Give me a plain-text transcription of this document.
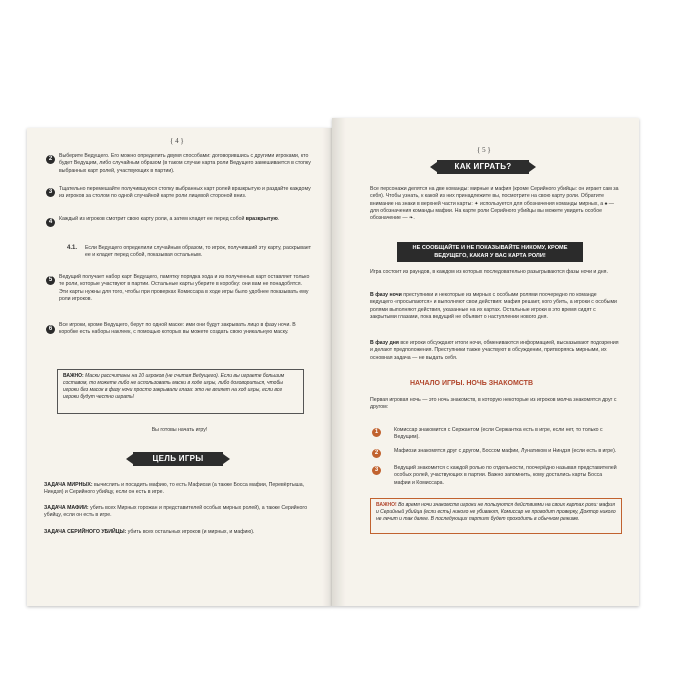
{ 4 }
2	Выберите Ведущего. Его можно определить двумя способами: договорившись с другими игроками, кто будет Ведущим, либо случайным образом (в таком случае карта роли Ведущего замешивается в стопку выбранных карт ролей, участвующих в партии).
3	Тщательно перемешайте получившуюся стопку выбранных карт ролей вразкрытую и раздайте каждому из игроков за столом по одной случайной карте роли лицевой стороной вниз.
4	Каждый из игроков смотрит свою карту роли, а затем кладет ее перед собой вразкрытую.
4.1. Если Ведущего определили случайным образом, то игрок, получивший эту карту, раскрывает ее и кладет перед собой, показывая остальным.
5	Ведущий получает набор карт Ведущего, памятку порядка хода и из полученных карт оставляет только те роли, которые участвуют в партии. Остальные карты уберите в коробку: они вам не понадобятся. Эти карты нужны для того, чтобы при проверках Комиссара в ходе игры было удобнее показывать ему роли игроков.
6
Все игроки, кроме Ведущего, берут по одной маске: ими они будут закрывать лицо в фазу ночи. В коробке есть наборы наклеек, с помощью которых вы можете создать свою уникальную маску.
ВАЖНО: Маски рассчитаны на 10 игроков (не считая Ведущего). Если вы играете большим составом, то можете либо не использовать маски в ходе игры, либо договориться, чтобы игроки без масок в фазу ночи просто закрывали глаза: это не влияет на ход игры, если все игроки будут честно играть!
Вы готовы начать игру!
ЦЕЛЬ ИГРЫ
ЗАДАЧА МИРНЫХ: вычислить и посадить мафию, то есть Мафиози (а также Босса мафии, Перевёртыша, Ниндзя) и Серийного убийцу, если он есть в игре.
ЗАДАЧА МАФИИ: убить всех Мирных горожан и представителей особых мирных ролей), а также Серийного убийцу, если он есть в игре.
ЗАДАЧА СЕРИЙНОГО УБИЙЦЫ: убить всех остальных игроков (и мирных, и мафию).
{ 5 }
КАК ИГРАТЬ?
Все персонажи делятся на две команды: мирные и мафия (кроме Серийного убийцы: он играет сам за себя). Чтобы узнать, к какой из них принадлежите вы, посмотрите на свою карту роли. Обратите внимание на знаки в верхней части карты: ✦ используется для обозначения команды мирных, а ♠ — для обозначения команды мафии. На карте роли Серийного убийцы вы можете увидеть особое обозначение — ❧.
НЕ СООБЩАЙТЕ И НЕ ПОКАЗЫВАЙТЕ НИКОМУ, КРОМЕ ВЕДУЩЕГО, КАКАЯ У ВАС КАРТА РОЛИ!
Игра состоит из раундов, в каждом из которых последовательно разыгрываются фазы ночи и дня.
В фазу ночи преступники и некоторые из мирных с особыми ролями поочередно по команде ведущего «просыпаются» и выполняют свои действия: мафия решает, кого убить, а игроки с особыми ролями выполняют действия, указанные на их картах. Остальные игроки в это время сидят с закрытыми глазами, пока ведущий не объявит о наступлении нового дня.
В фазу дня все игроки обсуждают итоги ночи, обмениваются информацией, высказывают подозрения и делают предположения. Преступники также участвуют в обсуждении, притворяясь мирными, их основная задача — не выдать себя.
НАЧАЛО ИГРЫ. НОЧЬ ЗНАКОМСТВ
Первая игровая ночь — это ночь знакомств, в которую некоторые из игроков молча знакомятся друг с другом:
1	Комиссар знакомится с Сержантом (если Сержантка есть в игре, если нет, то только с Ведущим).
2	Мафиози знакомятся друг с другом, Боссом мафии, Лунатиком и Ниндзя (если есть в игре).
3	Ведущий знакомится с каждой ролью по отдельности, поочерёдно называя представителей особых ролей, участвующих в партии. Важно запомнить, кому достались карты Босса мафии и Комиссара.
ВАЖНО! Во время ночи знакомств игроки не пользуются действиями на своих картах роли: мафия и Серийный убийца (если есть) никого не убивают, Комиссар не проводит проверку, Доктор никого не лечит и так далее. В последующих партиях будет проходить в обычном режиме.
